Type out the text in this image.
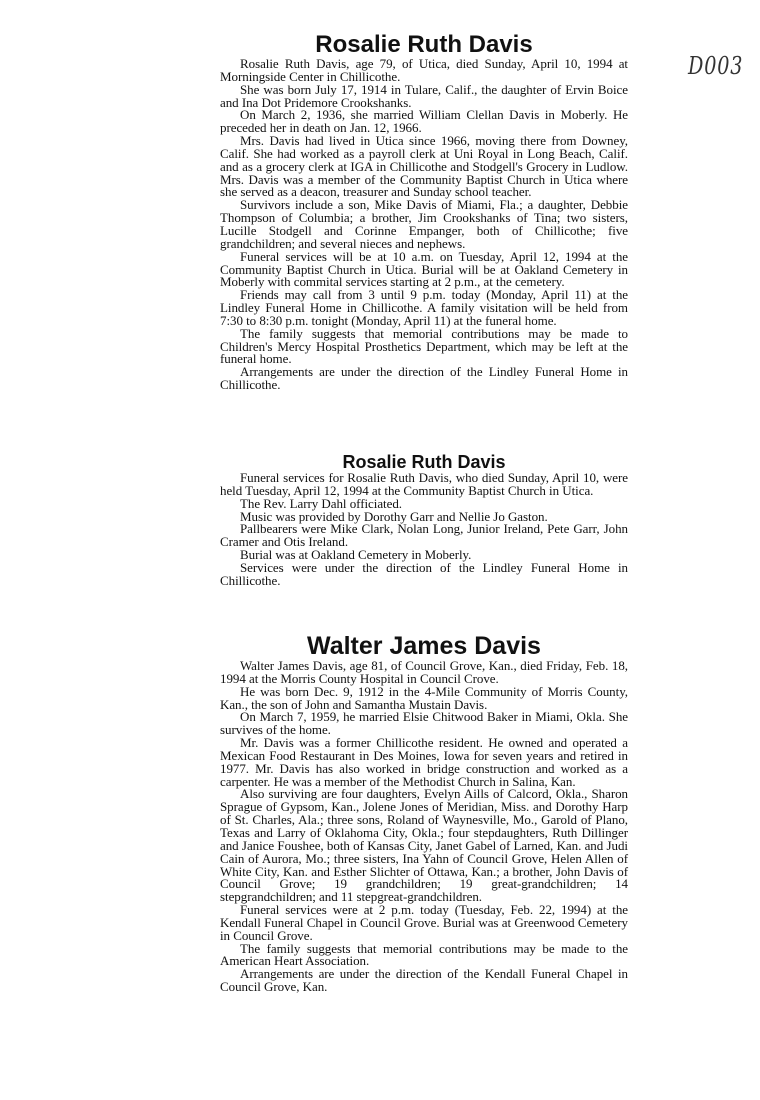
D003
Rosalie Ruth Davis

Rosalie Ruth Davis, age 79, of Utica, died Sunday, April 10, 1994 at Morningside Center in Chillicothe.

She was born July 17, 1914 in Tulare, Calif., the daughter of Ervin Boice and Ina Dot Pridemore Crookshanks.

On March 2, 1936, she married William Clellan Davis in Moberly. He preceded her in death on Jan. 12, 1966.

Mrs. Davis had lived in Utica since 1966, moving there from Downey, Calif. She had worked as a payroll clerk at Uni Royal in Long Beach, Calif. and as a grocery clerk at IGA in Chillicothe and Stodgell's Grocery in Ludlow. Mrs. Davis was a member of the Community Baptist Church in Utica where she served as a deacon, treasurer and Sunday school teacher.

Survivors include a son, Mike Davis of Miami, Fla.; a daughter, Debbie Thompson of Columbia; a brother, Jim Crookshanks of Tina; two sisters, Lucille Stodgell and Corinne Empanger, both of Chillicothe; five grandchildren; and several nieces and nephews.

Funeral services will be at 10 a.m. on Tuesday, April 12, 1994 at the Community Baptist Church in Utica. Burial will be at Oakland Cemetery in Moberly with commital services starting at 2 p.m., at the cemetery.

Friends may call from 3 until 9 p.m. today (Monday, April 11) at the Lindley Funeral Home in Chillicothe. A family visitation will be held from 7:30 to 8:30 p.m. tonight (Monday, April 11) at the funeral home.

The family suggests that memorial contributions may be made to Children's Mercy Hospital Prosthetics Department, which may be left at the funeral home.

Arrangements are under the direction of the Lindley Funeral Home in Chillicothe.

Rosalie Ruth Davis

Funeral services for Rosalie Ruth Davis, who died Sunday, April 10, were held Tuesday, April 12, 1994 at the Community Baptist Church in Utica.

The Rev. Larry Dahl officiated.

Music was provided by Dorothy Garr and Nellie Jo Gaston.

Pallbearers were Mike Clark, Nolan Long, Junior Ireland, Pete Garr, John Cramer and Otis Ireland.

Burial was at Oakland Cemetery in Moberly.

Services were under the direction of the Lindley Funeral Home in Chillicothe.

Walter James Davis

Walter James Davis, age 81, of Council Grove, Kan., died Friday, Feb. 18, 1994 at the Morris County Hospital in Council Crove.

He was born Dec. 9, 1912 in the 4-Mile Community of Morris County, Kan., the son of John and Samantha Mustain Davis.

On March 7, 1959, he married Elsie Chitwood Baker in Miami, Okla. She survives of the home.

Mr. Davis was a former Chillicothe resident. He owned and operated a Mexican Food Restaurant in Des Moines, Iowa for seven years and retired in 1977. Mr. Davis has also worked in bridge construction and worked as a carpenter. He was a member of the Methodist Church in Salina, Kan.

Also surviving are four daughters, Evelyn Aills of Calcord, Okla., Sharon Sprague of Gypsom, Kan., Jolene Jones of Meridian, Miss. and Dorothy Harp of St. Charles, Ala.; three sons, Roland of Waynesville, Mo., Garold of Plano, Texas and Larry of Oklahoma City, Okla.; four stepdaughters, Ruth Dillinger and Janice Foushee, both of Kansas City, Janet Gabel of Larned, Kan. and Judi Cain of Aurora, Mo.; three sisters, Ina Yahn of Council Grove, Helen Allen of White City, Kan. and Esther Slichter of Ottawa, Kan.; a brother, John Davis of Council Grove; 19 grandchildren; 19 great-grandchildren; 14 stepgrandchildren; and 11 stepgreat-grandchildren.

Funeral services were at 2 p.m. today (Tuesday, Feb. 22, 1994) at the Kendall Funeral Chapel in Council Grove. Burial was at Greenwood Cemetery in Council Grove.

The family suggests that memorial contributions may be made to the American Heart Association.

Arrangements are under the direction of the Kendall Funeral Chapel in Council Grove, Kan.
